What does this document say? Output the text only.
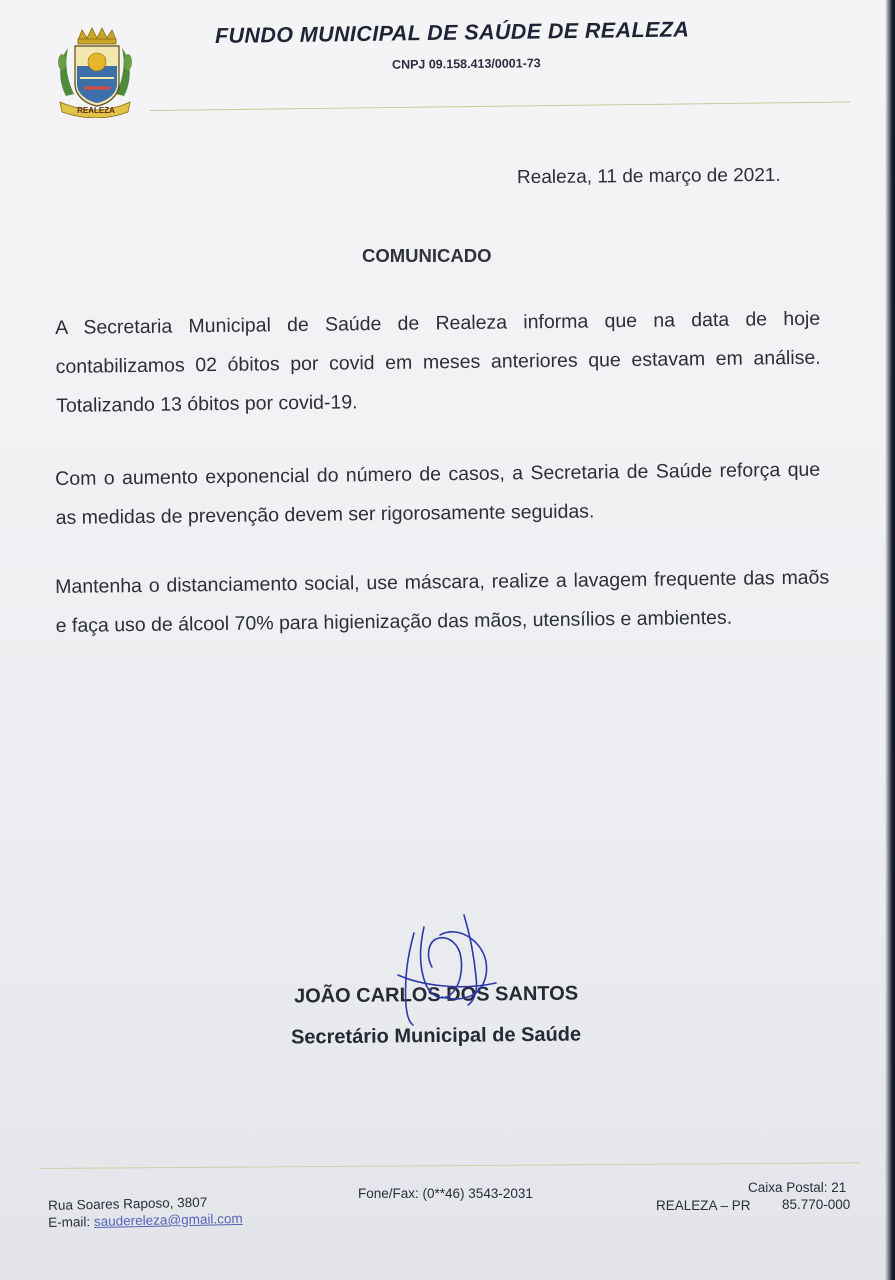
REALEZA
FUNDO MUNICIPAL DE SAÚDE DE REALEZA
CNPJ 09.158.413/0001-73
Realeza, 11 de março de 2021.
COMUNICADO
A Secretaria Municipal de Saúde de Realeza informa que na data de hoje contabilizamos 02 óbitos por covid em meses anteriores que estavam em análise. Totalizando 13 óbitos por covid-19.
Com o aumento exponencial do número de casos, a Secretaria de Saúde reforça que as medidas de prevenção devem ser rigorosamente seguidas.
Mantenha o distanciamento social, use máscara, realize a lavagem frequente das maõs e faça uso de álcool 70% para higienização das mãos, utensílios e ambientes.
JOÃO CARLOS DOS SANTOS
Secretário Municipal de Saúde
Rua Soares Raposo, 3807
E-mail: saudereleza@gmail.com
Fone/Fax: (0**46) 3543-2031	Caixa Postal: 21
REALEZA – PR 85.770-000
